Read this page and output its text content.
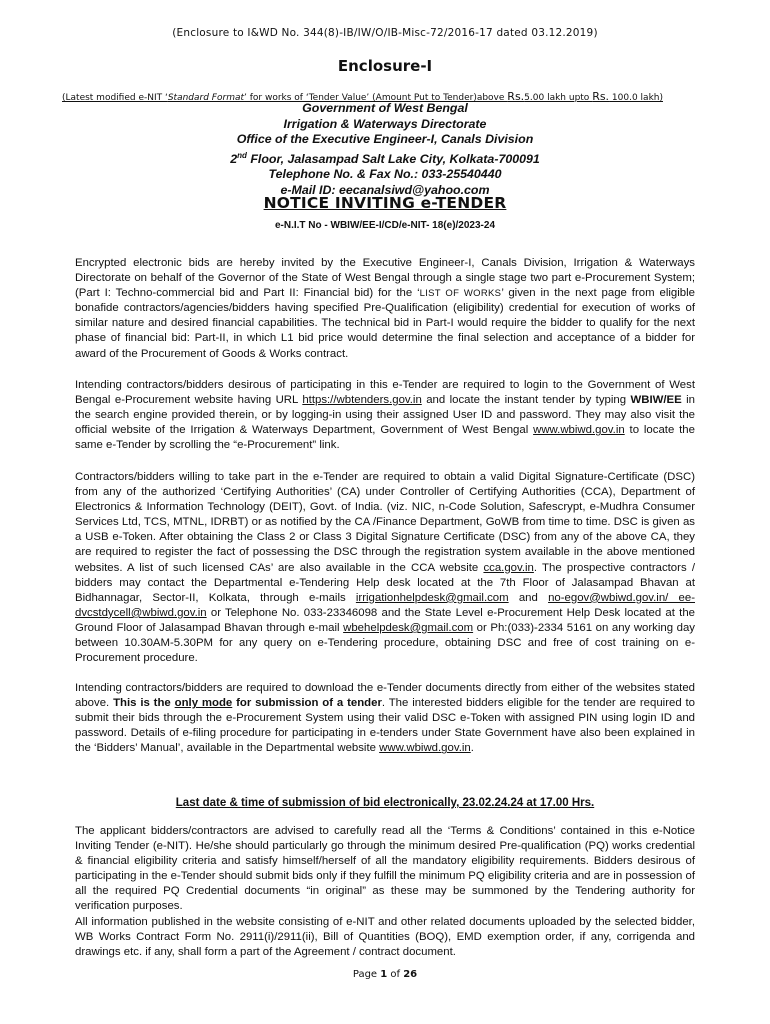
(Enclosure to I&WD No. 344(8)-IB/IW/O/IB-Misc-72/2016-17 dated 03.12.2019)
Enclosure-I
(Latest modified e-NIT ‘Standard Format’ for works of ‘Tender Value’ (Amount Put to Tender)above Rs.5.00 lakh upto Rs. 100.0 lakh)
Government of West Bengal
Irrigation & Waterways Directorate
Office of the Executive Engineer-I, Canals Division
2nd Floor, Jalasampad Salt Lake City, Kolkata-700091
Telephone No. & Fax No.: 033-25540440
e-Mail ID: eecanalsiwd@yahoo.com
NOTICE INVITING e-TENDER
e-N.I.T No - WBIW/EE-I/CD/e-NIT- 18(e)/2023-24

Encrypted electronic bids are hereby invited by the Executive Engineer-I, Canals Division, Irrigation & Waterways Directorate on behalf of the Governor of the State of West Bengal through a single stage two part e-Procurement System; (Part I: Techno-commercial bid and Part II: Financial bid) for the ‘LIST OF WORKS’ given in the next page from eligible bonafide contractors/agencies/bidders having specified Pre-Qualification (eligibility) credential for execution of works of similar nature and desired financial capabilities. The technical bid in Part-I would require the bidder to qualify for the next phase of financial bid: Part-II, in which L1 bid price would determine the final selection and acceptance of a bidder for award of the Procurement of Goods & Works contract.

Intending contractors/bidders desirous of participating in this e-Tender are required to login to the Government of West Bengal e-Procurement website having URL https://wbtenders.gov.in and locate the instant tender by typing WBIW/EE in the search engine provided therein, or by logging-in using their assigned User ID and password. They may also visit the official website of the Irrigation & Waterways Department, Government of West Bengal www.wbiwd.gov.in to locate the same e-Tender by scrolling the “e-Procurement” link.

Contractors/bidders willing to take part in the e-Tender are required to obtain a valid Digital Signature-Certificate (DSC) from any of the authorized ‘Certifying Authorities’ (CA) under Controller of Certifying Authorities (CCA), Department of Electronics & Information Technology (DEIT), Govt. of India. (viz. NIC, n-Code Solution, Safescrypt, e-Mudhra Consumer Services Ltd, TCS, MTNL, IDRBT) or as notified by the CA /Finance Department, GoWB from time to time. DSC is given as a USB e-Token. After obtaining the Class 2 or Class 3 Digital Signature Certificate (DSC) from any of the above CA, they are required to register the fact of possessing the DSC through the registration system available in the above mentioned websites. A list of such licensed CAs’ are also available in the CCA website cca.gov.in. The prospective contractors / bidders may contact the Departmental e-Tendering Help desk located at the 7th Floor of Jalasampad Bhavan at Bidhannagar, Sector-II, Kolkata, through e-mails irrigationhelpdesk@gmail.com and no-egov@wbiwd.gov.in/ ee-dvcstdycell@wbiwd.gov.in or Telephone No. 033-23346098 and the State Level e-Procurement Help Desk located at the Ground Floor of Jalasampad Bhavan through e-mail wbehelpdesk@gmail.com or Ph:(033)-2334 5161 on any working day between 10.30AM-5.30PM for any query on e-Tendering procedure, obtaining DSC and free of cost training on e-Procurement procedure.

Intending contractors/bidders are required to download the e-Tender documents directly from either of the websites stated above. This is the only mode for submission of a tender. The interested bidders eligible for the tender are required to submit their bids through the e-Procurement System using their valid DSC e-Token with assigned PIN using login ID and password. Details of e-filing procedure for participating in e-tenders under State Government have also been explained in the ‘Bidders’ Manual’, available in the Departmental website www.wbiwd.gov.in.

Last date & time of submission of bid electronically, 23.02.24.24 at 17.00 Hrs.

The applicant bidders/contractors are advised to carefully read all the ‘Terms & Conditions’ contained in this e-Notice Inviting Tender (e-NIT). He/she should particularly go through the minimum desired Pre-qualification (PQ) works credential & financial eligibility criteria and satisfy himself/herself of all the mandatory eligibility requirements. Bidders desirous of participating in the e-Tender should submit bids only if they fulfill the minimum PQ eligibility criteria and are in possession of all the required PQ Credential documents “in original” as these may be summoned by the Tendering authority for verification purposes.

All information published in the website consisting of e-NIT and other related documents uploaded by the selected bidder, WB Works Contract Form No. 2911(i)/2911(ii), Bill of Quantities (BOQ), EMD exemption order, if any, corrigenda and drawings etc. if any, shall form a part of the Agreement / contract document.

Page 1 of 26
